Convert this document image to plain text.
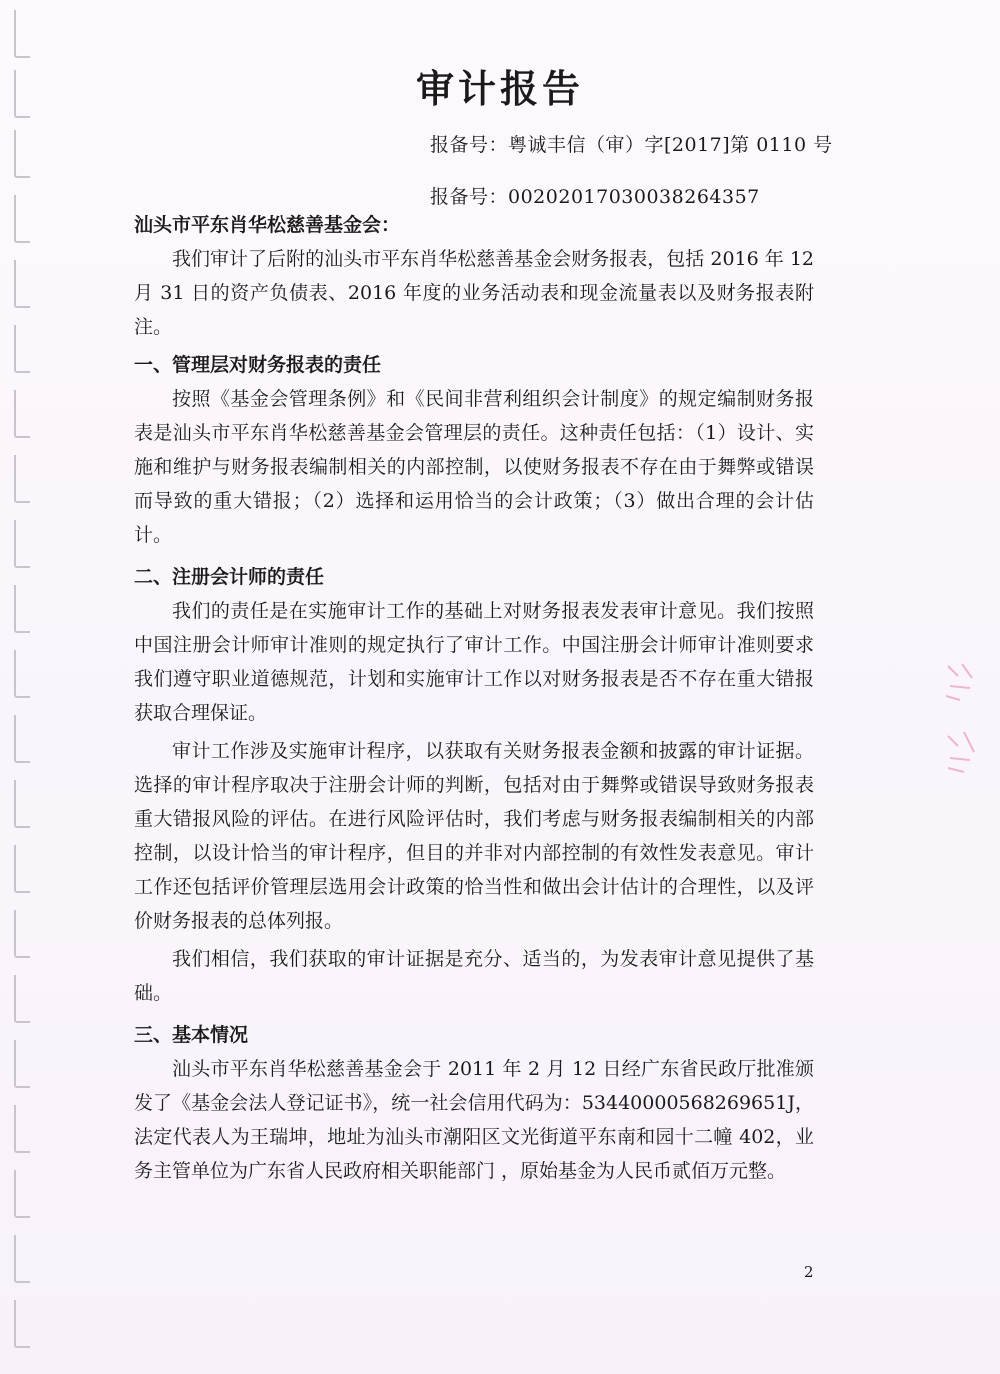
审计报告
报备号：粤诚丰信（审）字[2017]第 0110 号
报备号：00202017030038264357

汕头市平东肖华松慈善基金会：

我们审计了后附的汕头市平东肖华松慈善基金会财务报表，包括 2016 年 12 月 31 日的资产负债表、2016 年度的业务活动表和现金流量表以及财务报表附注。

一、管理层对财务报表的责任

按照《基金会管理条例》和《民间非营利组织会计制度》的规定编制财务报表是汕头市平东肖华松慈善基金会管理层的责任。这种责任包括：（1）设计、实施和维护与财务报表编制相关的内部控制，以使财务报表不存在由于舞弊或错误而导致的重大错报；（2）选择和运用恰当的会计政策；（3）做出合理的会计估计。

二、注册会计师的责任

我们的责任是在实施审计工作的基础上对财务报表发表审计意见。我们按照中国注册会计师审计准则的规定执行了审计工作。中国注册会计师审计准则要求我们遵守职业道德规范，计划和实施审计工作以对财务报表是否不存在重大错报获取合理保证。

审计工作涉及实施审计程序，以获取有关财务报表金额和披露的审计证据。选择的审计程序取决于注册会计师的判断，包括对由于舞弊或错误导致财务报表重大错报风险的评估。在进行风险评估时，我们考虑与财务报表编制相关的内部控制，以设计恰当的审计程序，但目的并非对内部控制的有效性发表意见。审计工作还包括评价管理层选用会计政策的恰当性和做出会计估计的合理性，以及评价财务报表的总体列报。

我们相信，我们获取的审计证据是充分、适当的，为发表审计意见提供了基础。

三、基本情况

汕头市平东肖华松慈善基金会于 2011 年 2 月 12 日经广东省民政厅批准颁发了《基金会法人登记证书》，统一社会信用代码为：53440000568269651J，法定代表人为王瑞坤，地址为汕头市潮阳区文光街道平东南和园十二幢 402，业务主管单位为广东省人民政府相关职能部门 ，原始基金为人民币贰佰万元整。

2
